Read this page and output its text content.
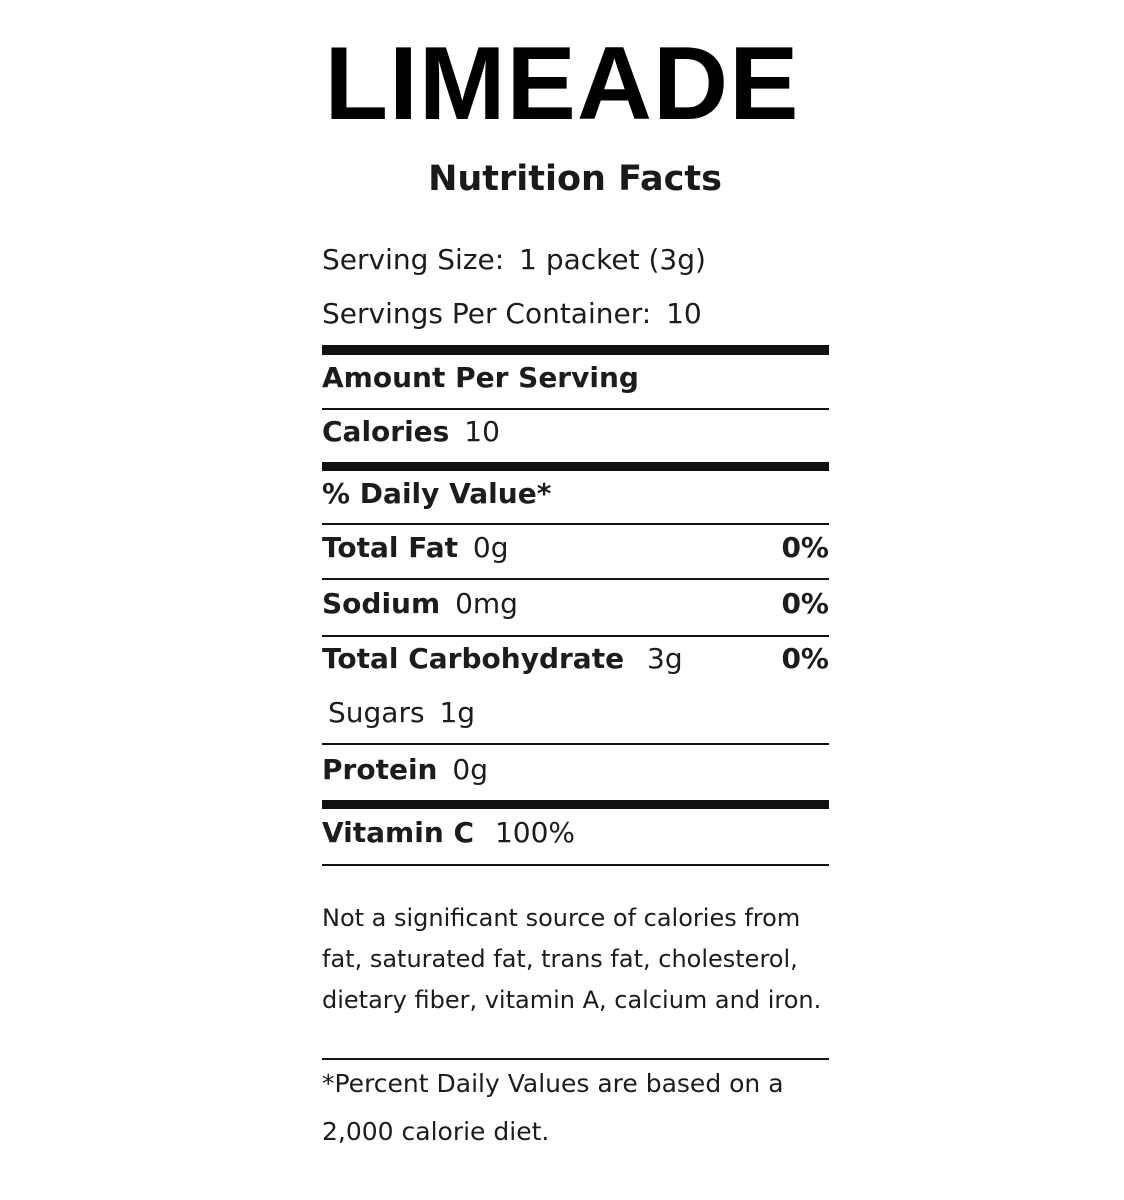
LIMEADE
Nutrition Facts
Serving Size: 1 packet (3g)
Servings Per Container: 10
Amount Per Serving
Calories 10
% Daily Value*
Total Fat 0g	0%
Sodium 0mg	0%
Total Carbohydrate 3g	0%
Sugars 1g
Protein 0g
Vitamin C 100%
Not a significant source of calories from
fat, saturated fat, trans fat, cholesterol,
dietary fiber, vitamin A, calcium and iron.
*Percent Daily Values are based on a
2,000 calorie diet.
